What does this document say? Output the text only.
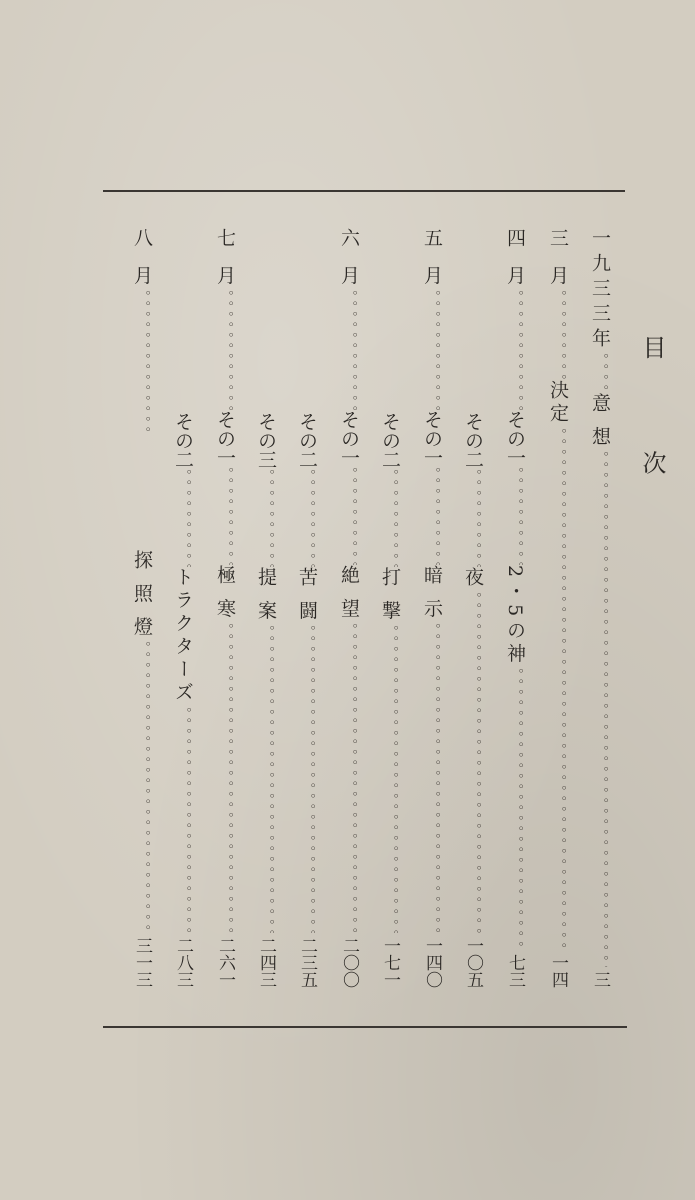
目 次
一九三三年
。。。。。。。。。。。。。。
意 想
。。。。。。。。。。。。。。。。。。。。。。。。。。。。。。。。。。。。。。。。。。。。。。。。。。。。。。。。。。。。
三
三 月
。。。。。。。。。。。。。。
決定
。。。。。。。。。。。。。。。。。。。。。。。。。。。。。。。。。。。。。。。。。。。。。。。。。。。。。。。。。。。。
一四
四 月
。。。。。。。。。。。。。。
その一
。。。。。。。。。。。。。。
2・5の神
。。。。。。。。。。。。。。。。。。。。。。。。。。。。。。。。。。。。。。。。。。。。。。。。。。。。。。。。。。。。
七三
その二
。。。。。。。。。。。。。。
夜
。。。。。。。。。。。。。。。。。。。。。。。。。。。。。。。。。。。。。。。。。。。。。。。。。。。。。。。。。。。。
一〇五
五 月
。。。。。。。。。。。。。。
その一
。。。。。。。。。。。。。。
暗 示
。。。。。。。。。。。。。。。。。。。。。。。。。。。。。。。。。。。。。。。。。。。。。。。。。。。。。。。。。。。。
一四〇
その二
。。。。。。。。。。。。。。
打 撃
。。。。。。。。。。。。。。。。。。。。。。。。。。。。。。。。。。。。。。。。。。。。。。。。。。。。。。。。。。。。
一七一
六 月
。。。。。。。。。。。。。。
その一
。。。。。。。。。。。。。。
絶 望
。。。。。。。。。。。。。。。。。。。。。。。。。。。。。。。。。。。。。。。。。。。。。。。。。。。。。。。。。。。。
二〇〇
その二
。。。。。。。。。。。。。。
苦 闘
。。。。。。。。。。。。。。。。。。。。。。。。。。。。。。。。。。。。。。。。。。。。。。。。。。。。。。。。。。。。
二三五
その三
。。。。。。。。。。。。。。
提 案
。。。。。。。。。。。。。。。。。。。。。。。。。。。。。。。。。。。。。。。。。。。。。。。。。。。。。。。。。。。。
二四三
七 月
。。。。。。。。。。。。。。
その一
。。。。。。。。。。。。。。
極 寒
。。。。。。。。。。。。。。。。。。。。。。。。。。。。。。。。。。。。。。。。。。。。。。。。。。。。。。。。。。。。
二六一
その二
。。。。。。。。。。。。。。
トラクターズ
。。。。。。。。。。。。。。。。。。。。。。。。。。。。。。。。。。。。。。。。。。。。。。。。。。。。。。。。。。。。
二八三
八 月
。。。。。。。。。。。。。。
探 照 燈
。。。。。。。。。。。。。。。。。。。。。。。。。。。。。。。。。。。。。。。。。。。。。。。。。。。。。。。。。。。。
三一三
